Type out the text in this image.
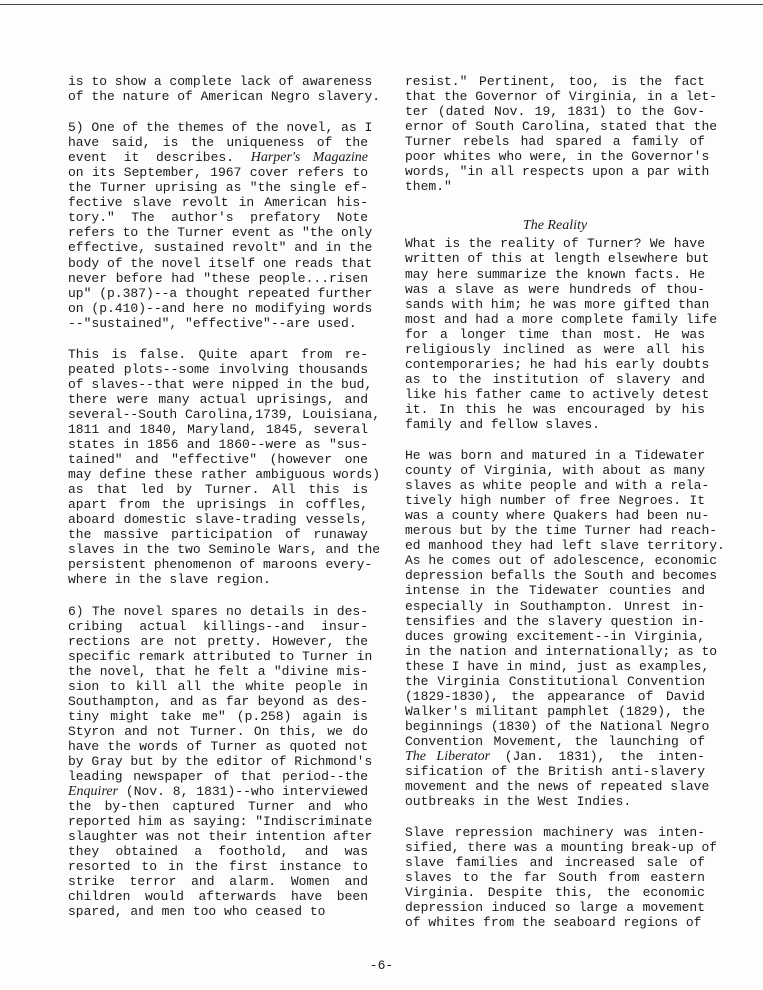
is to show a complete lack of awareness
of the nature of American Negro slavery.
5) One of the themes of the novel, as I
have said, is the uniqueness of the
event it describes. Harper's Magazine
on its September, 1967 cover refers to
the Turner uprising as "the single ef-
fective slave revolt in American his-
tory." The author's prefatory Note
refers to the Turner event as "the only
effective, sustained revolt" and in the
body of the novel itself one reads that
never before had "these people...risen
up" (p.387)--a thought repeated further
on (p.410)--and here no modifying words
--"sustained", "effective"--are used.
This is false. Quite apart from re-
peated plots--some involving thousands
of slaves--that were nipped in the bud,
there were many actual uprisings, and
several--South Carolina,1739, Louisiana,
1811 and 1840, Maryland, 1845, several
states in 1856 and 1860--were as "sus-
tained" and "effective" (however one
may define these rather ambiguous words)
as that led by Turner. All this is
apart from the uprisings in coffles,
aboard domestic slave-trading vessels,
the massive participation of runaway
slaves in the two Seminole Wars, and the
persistent phenomenon of maroons every-
where in the slave region.
6) The novel spares no details in des-
cribing actual killings--and insur-
rections are not pretty. However, the
specific remark attributed to Turner in
the novel, that he felt a "divine mis-
sion to kill all the white people in
Southampton, and as far beyond as des-
tiny might take me" (p.258) again is
Styron and not Turner. On this, we do
have the words of Turner as quoted not
by Gray but by the editor of Richmond's
leading newspaper of that period--the
Enquirer (Nov. 8, 1831)--who interviewed
the by-then captured Turner and who
reported him as saying: "Indiscriminate
slaughter was not their intention after
they obtained a foothold, and was
resorted to in the first instance to
strike terror and alarm. Women and
children would afterwards have been
spared, and men too who ceased to
resist." Pertinent, too, is the fact
that the Governor of Virginia, in a let-
ter (dated Nov. 19, 1831) to the Gov-
ernor of South Carolina, stated that the
Turner rebels had spared a family of
poor whites who were, in the Governor's
words, "in all respects upon a par with
them."
The Reality
What is the reality of Turner? We have
written of this at length elsewhere but
may here summarize the known facts. He
was a slave as were hundreds of thou-
sands with him; he was more gifted than
most and had a more complete family life
for a longer time than most. He was
religiously inclined as were all his
contemporaries; he had his early doubts
as to the institution of slavery and
like his father came to actively detest
it. In this he was encouraged by his
family and fellow slaves.
He was born and matured in a Tidewater
county of Virginia, with about as many
slaves as white people and with a rela-
tively high number of free Negroes. It
was a county where Quakers had been nu-
merous but by the time Turner had reach-
ed manhood they had left slave territory.
As he comes out of adolescence, economic
depression befalls the South and becomes
intense in the Tidewater counties and
especially in Southampton. Unrest in-
tensifies and the slavery question in-
duces growing excitement--in Virginia,
in the nation and internationally; as to
these I have in mind, just as examples,
the Virginia Constitutional Convention
(1829-1830), the appearance of David
Walker's militant pamphlet (1829), the
beginnings (1830) of the National Negro
Convention Movement, the launching of
The Liberator (Jan. 1831), the inten-
sification of the British anti-slavery
movement and the news of repeated slave
outbreaks in the West Indies.
Slave repression machinery was inten-
sified, there was a mounting break-up of
slave families and increased sale of
slaves to the far South from eastern
Virginia. Despite this, the economic
depression induced so large a movement
of whites from the seaboard regions of
-6-
